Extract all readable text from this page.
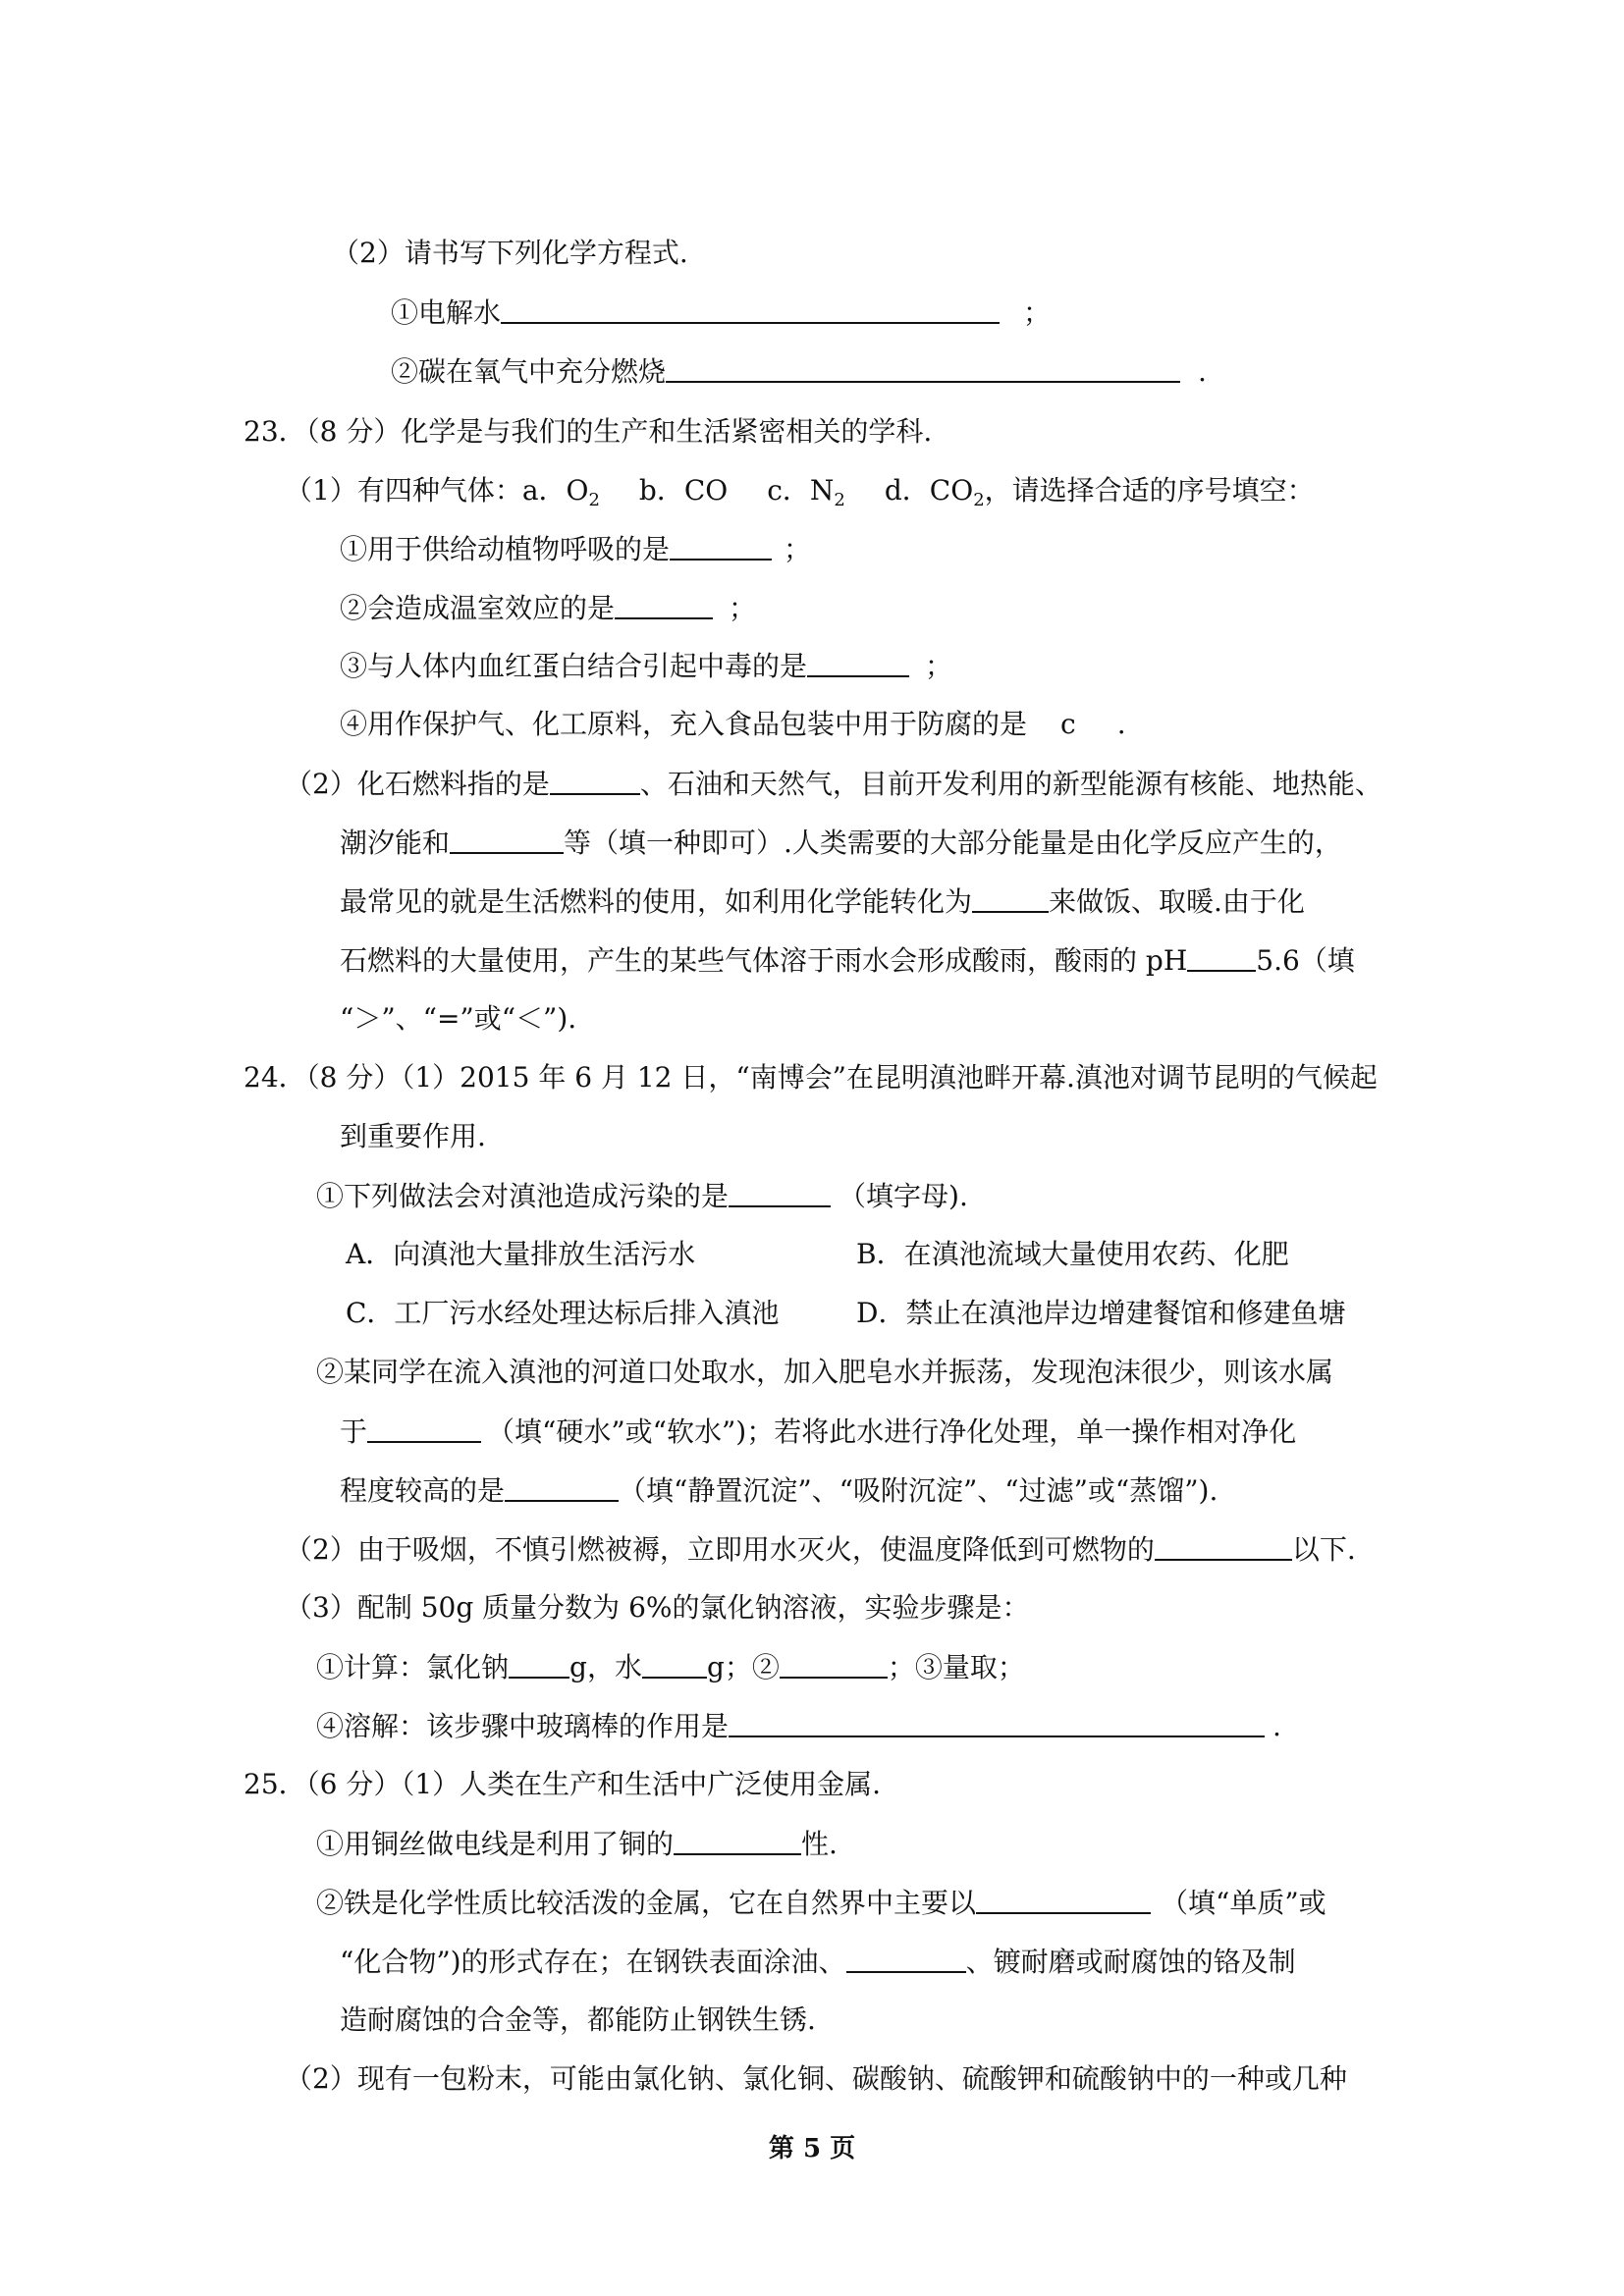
（2）请书写下列化学方程式.
①电解水	；
②碳在氧气中充分燃烧	.
23．（8 分）化学是与我们的生产和生活紧密相关的学科.
（1）有四种气体：a．$O_2$ b．CO c．$N_2$ d．$CO_2$，请选择合适的序号填空：
①用于供给动植物呼吸的是	；
②会造成温室效应的是	；
③与人体内血红蛋白结合引起中毒的是	；
④用作保护气、化工原料，充入食品包装中用于防腐的是 c .
（2）化石燃料指的是	、石油和天然气，目前开发利用的新型能源有核能、地热能、
潮汐能和	等（填一种即可）.人类需要的大部分能量是由化学反应产生的，
最常见的就是生活燃料的使用，如利用化学能转化为	来做饭、取暖.由于化
石燃料的大量使用，产生的某些气体溶于雨水会形成酸雨，酸雨的 pH	5.6（填
“＞”、“=”或“＜”).
24．（8 分）（1）2015 年 6 月 12 日，“南博会”在昆明滇池畔开幕.滇池对调节昆明的气候起
到重要作用.
①下列做法会对滇池造成污染的是	（填字母).
A．向滇池大量排放生活污水	B．在滇池流域大量使用农药、化肥
C．工厂污水经处理达标后排入滇池	D．禁止在滇池岸边增建餐馆和修建鱼塘
②某同学在流入滇池的河道口处取水，加入肥皂水并振荡，发现泡沫很少，则该水属
于	（填“硬水”或“软水”)；若将此水进行净化处理，单一操作相对净化
程度较高的是	（填“静置沉淀”、“吸附沉淀”、“过滤”或“蒸馏”).
（2）由于吸烟，不慎引燃被褥，立即用水灭火，使温度降低到可燃物的	以下.
（3）配制 50g 质量分数为 6%的氯化钠溶液，实验步骤是：
①计算：氯化钠 g，水 g；②	；③量取；
④溶解：该步骤中玻璃棒的作用是	.
25．（6 分）（1）人类在生产和生活中广泛使用金属.
①用铜丝做电线是利用了铜的	性.
②铁是化学性质比较活泼的金属，它在自然界中主要以	（填“单质”或
“化合物”)的形式存在；在钢铁表面涂油、	、镀耐磨或耐腐蚀的铬及制
造耐腐蚀的合金等，都能防止钢铁生锈.
（2）现有一包粉末，可能由氯化钠、氯化铜、碳酸钠、硫酸钾和硫酸钠中的一种或几种
第 5 页
